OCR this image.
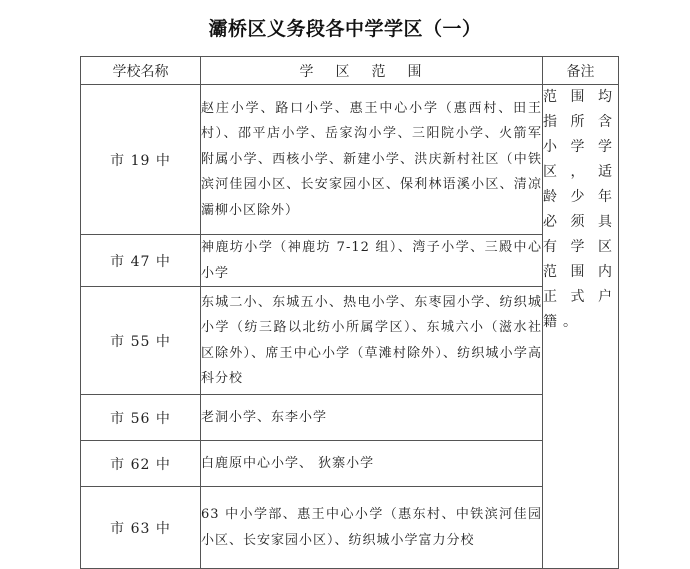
灞桥区义务段各中学学区（一）
学校名称	学区范围	备注
市 19 中	赵庄小学、路口小学、惠王中心小学（惠西村、田王村）、邵平店小学、岳家沟小学、三阳院小学、火箭军附属小学、西核小学、新建小学、洪庆新村社区（中铁滨河佳园小区、长安家园小区、保利林语溪小区、清凉灞柳小区除外）	范围均指所含小学学区，适龄少年必须具有学区范围内正式户籍。
市 47 中	神鹿坊小学（神鹿坊 7-12 组）、湾子小学、三殿中心小学	
市 55 中	东城二小、东城五小、热电小学、东枣园小学、纺织城小学（纺三路以北纺小所属学区）、东城六小（滋水社区除外）、席王中心小学（草滩村除外）、纺织城小学高科分校	
市 56 中	老洞小学、东李小学	
市 62 中	白鹿原中心小学、 狄寨小学	
市 63 中	63 中小学部、惠王中心小学（惠东村、中铁滨河佳园小区、长安家园小区）、纺织城小学富力分校	
